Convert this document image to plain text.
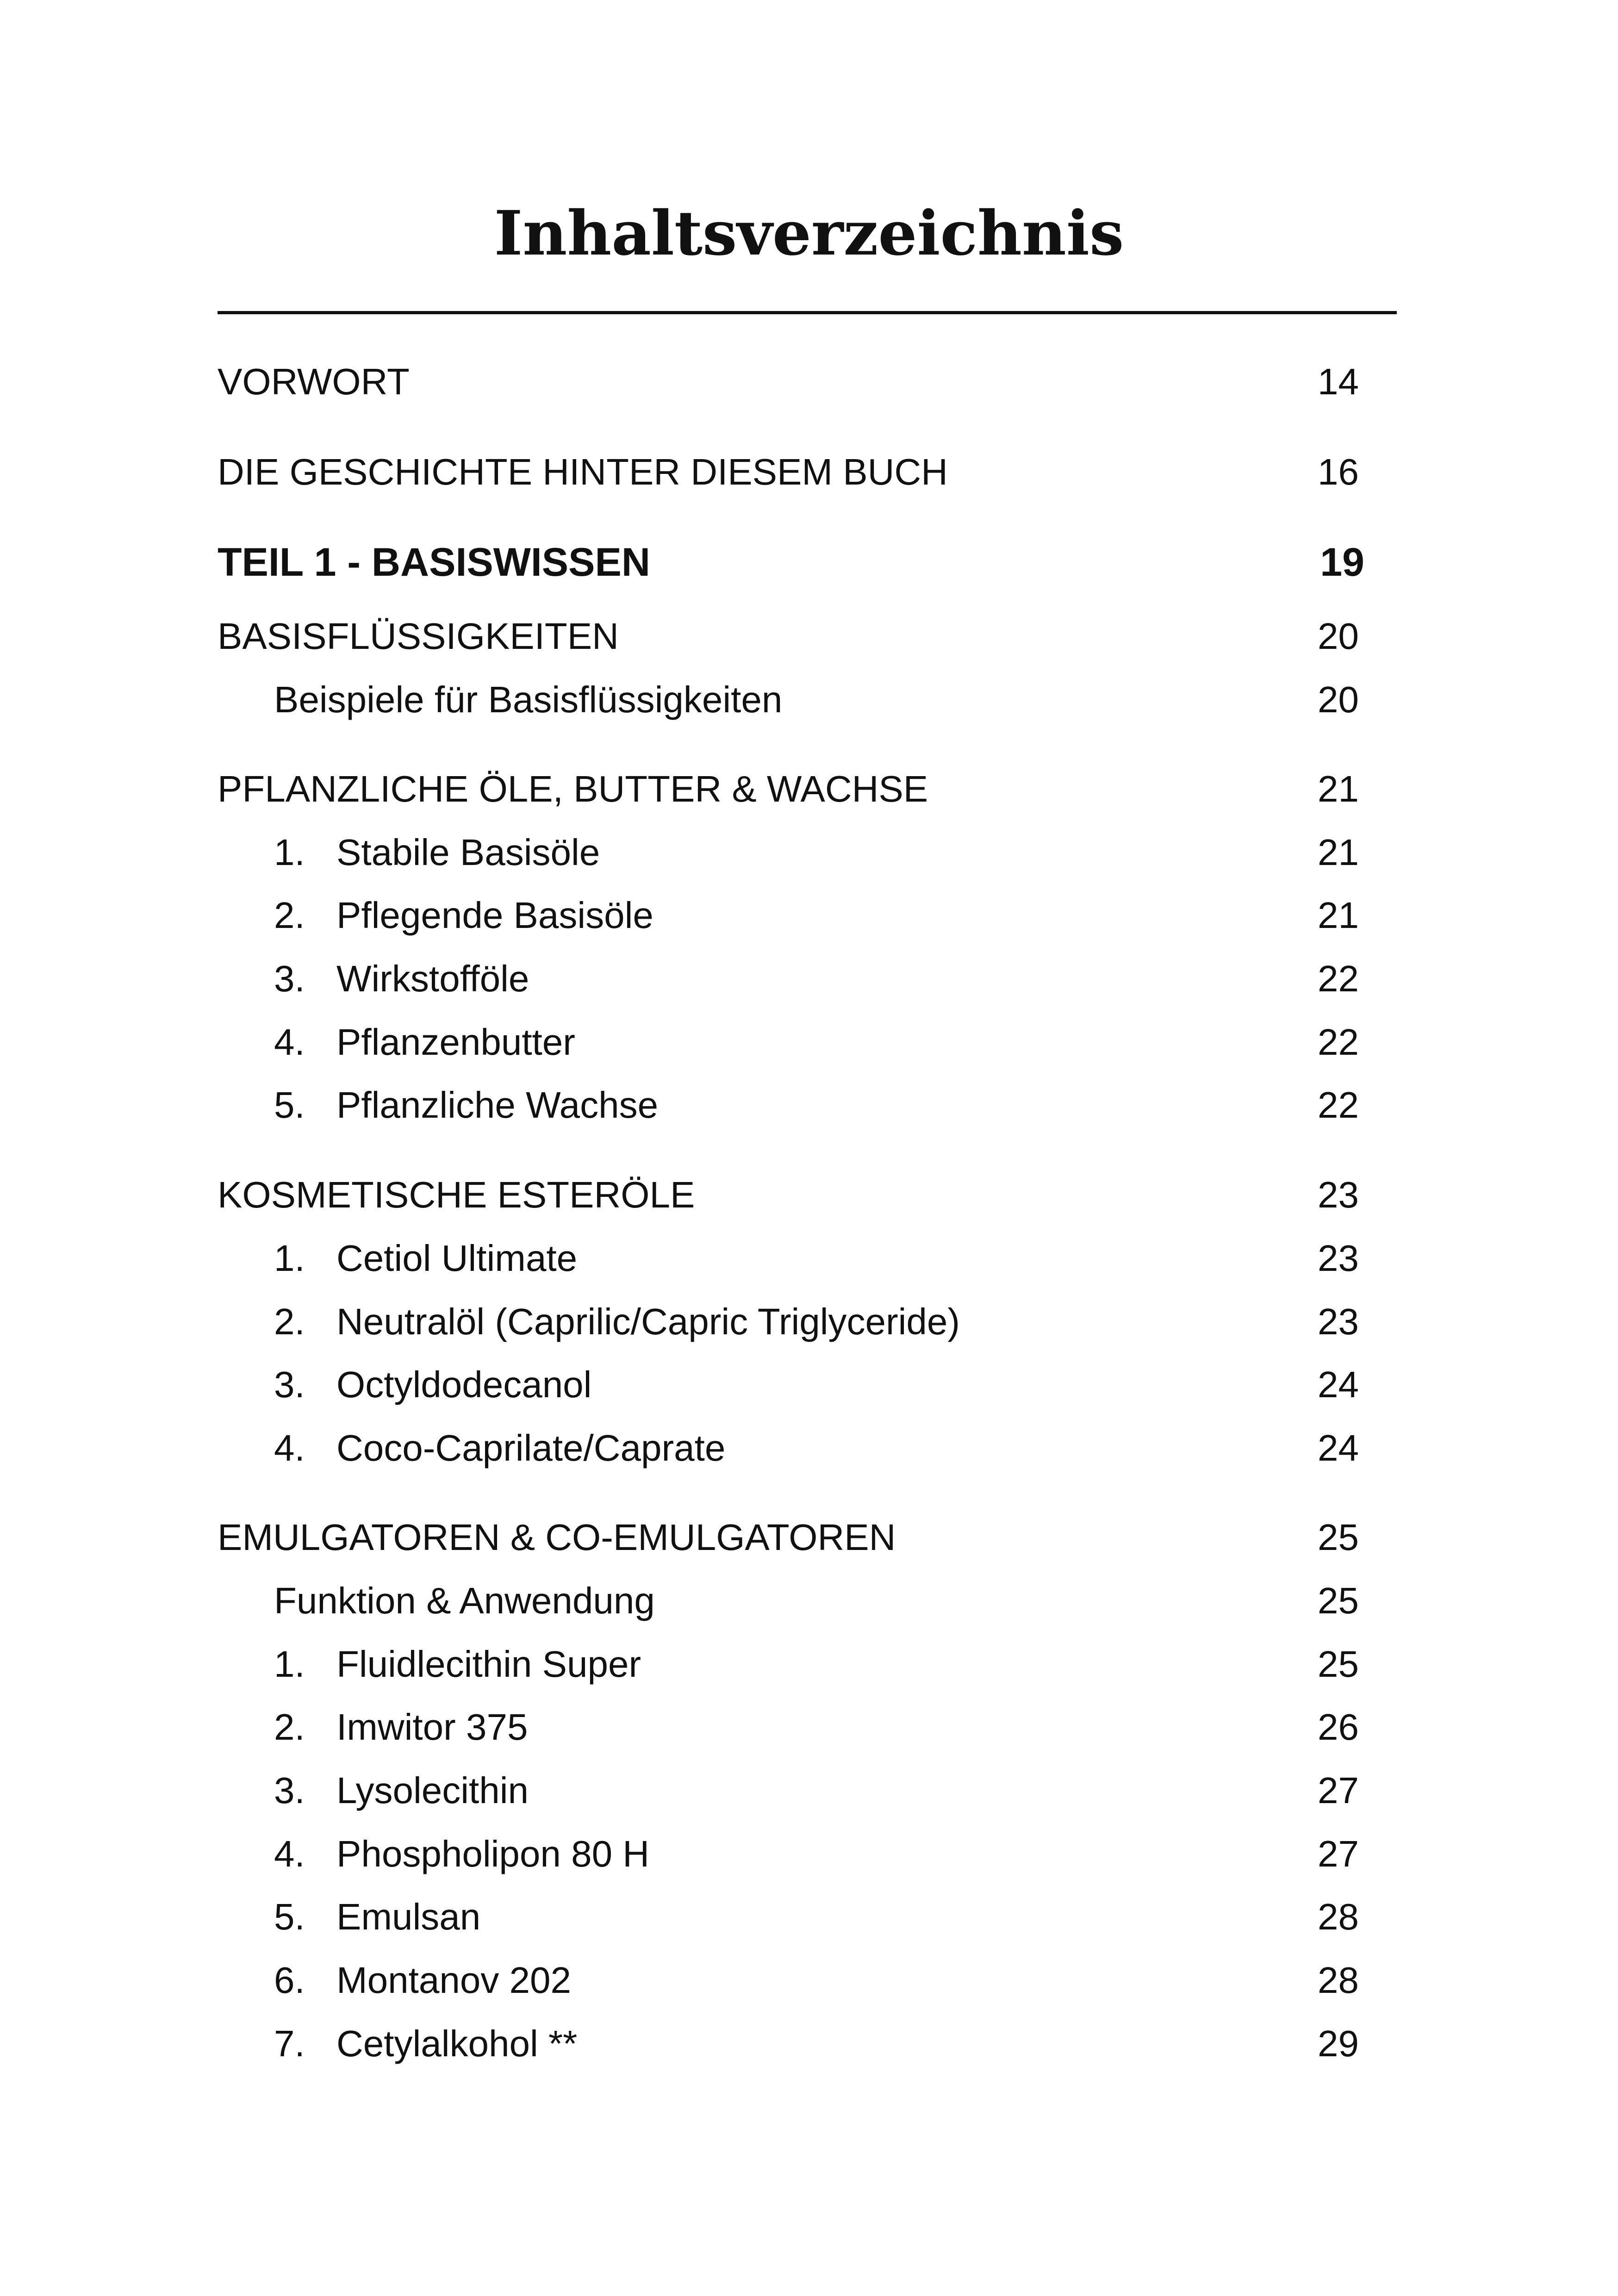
Inhaltsverzeichnis
VORWORT	14
DIE GESCHICHTE HINTER DIESEM BUCH	16
TEIL 1 - BASISWISSEN	19
BASISFLÜSSIGKEITEN	20
Beispiele für Basisflüssigkeiten	20
PFLANZLICHE ÖLE, BUTTER & WACHSE	21
1. Stabile Basisöle	21
2. Pflegende Basisöle	21
3. Wirkstofföle	22
4. Pflanzenbutter	22
5. Pflanzliche Wachse	22
KOSMETISCHE ESTERÖLE	23
1. Cetiol Ultimate	23
2. Neutralöl (Caprilic/Capric Triglyceride)	23
3. Octyldodecanol	24
4. Coco-Caprilate/Caprate	24
EMULGATOREN & CO-EMULGATOREN	25
Funktion & Anwendung	25
1. Fluidlecithin Super	25
2. Imwitor 375	26
3. Lysolecithin	27
4. Phospholipon 80 H	27
5. Emulsan	28
6. Montanov 202	28
7. Cetylalkohol **	29
